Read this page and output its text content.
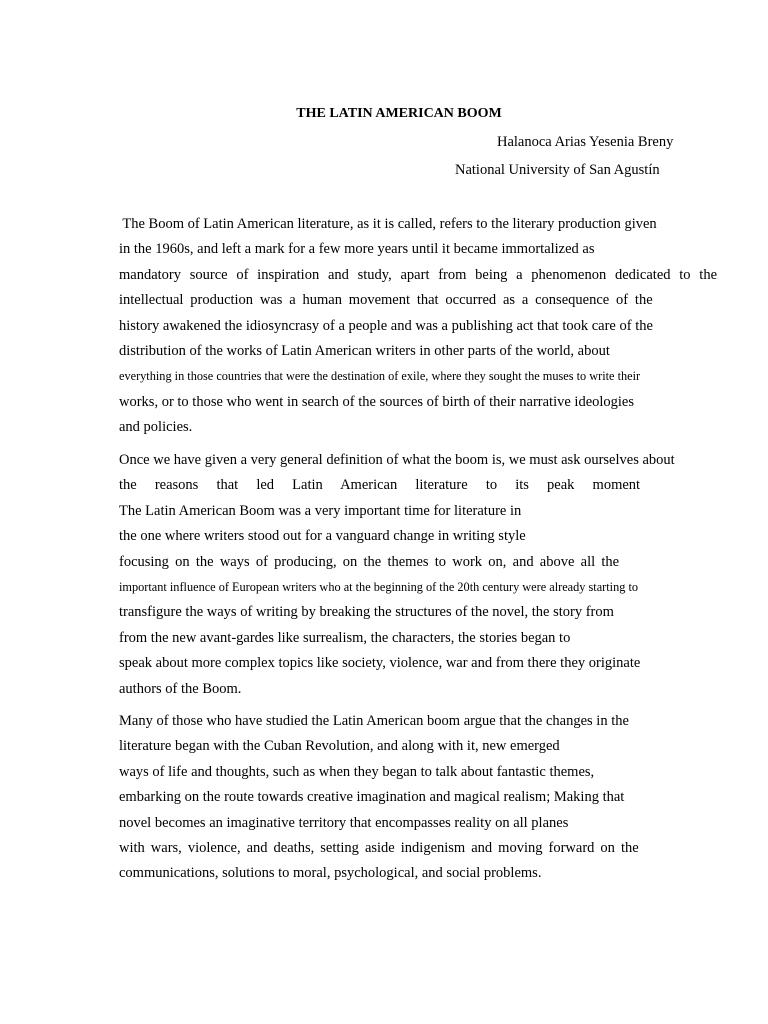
THE LATIN AMERICAN BOOM
Halanoca Arias Yesenia Breny
National University of San Agustín
The Boom of Latin American literature, as it is called, refers to the literary production given
in the 1960s, and left a mark for a few more years until it became immortalized as
mandatory source of inspiration and study, apart from being a phenomenon dedicated to the
intellectual production was a human movement that occurred as a consequence of the
history awakened the idiosyncrasy of a people and was a publishing act that took care of the
distribution of the works of Latin American writers in other parts of the world, about
everything in those countries that were the destination of exile, where they sought the muses to write their
works, or to those who went in search of the sources of birth of their narrative ideologies
and policies.
Once we have given a very general definition of what the boom is, we must ask ourselves about
the reasons that led Latin American literature to its peak moment
The Latin American Boom was a very important time for literature in
the one where writers stood out for a vanguard change in writing style
focusing on the ways of producing, on the themes to work on, and above all the
important influence of European writers who at the beginning of the 20th century were already starting to
transfigure the ways of writing by breaking the structures of the novel, the story from
from the new avant-gardes like surrealism, the characters, the stories began to
speak about more complex topics like society, violence, war and from there they originate
authors of the Boom.
Many of those who have studied the Latin American boom argue that the changes in the
literature began with the Cuban Revolution, and along with it, new emerged
ways of life and thoughts, such as when they began to talk about fantastic themes,
embarking on the route towards creative imagination and magical realism; Making that
novel becomes an imaginative territory that encompasses reality on all planes
with wars, violence, and deaths, setting aside indigenism and moving forward on the
communications, solutions to moral, psychological, and social problems.
